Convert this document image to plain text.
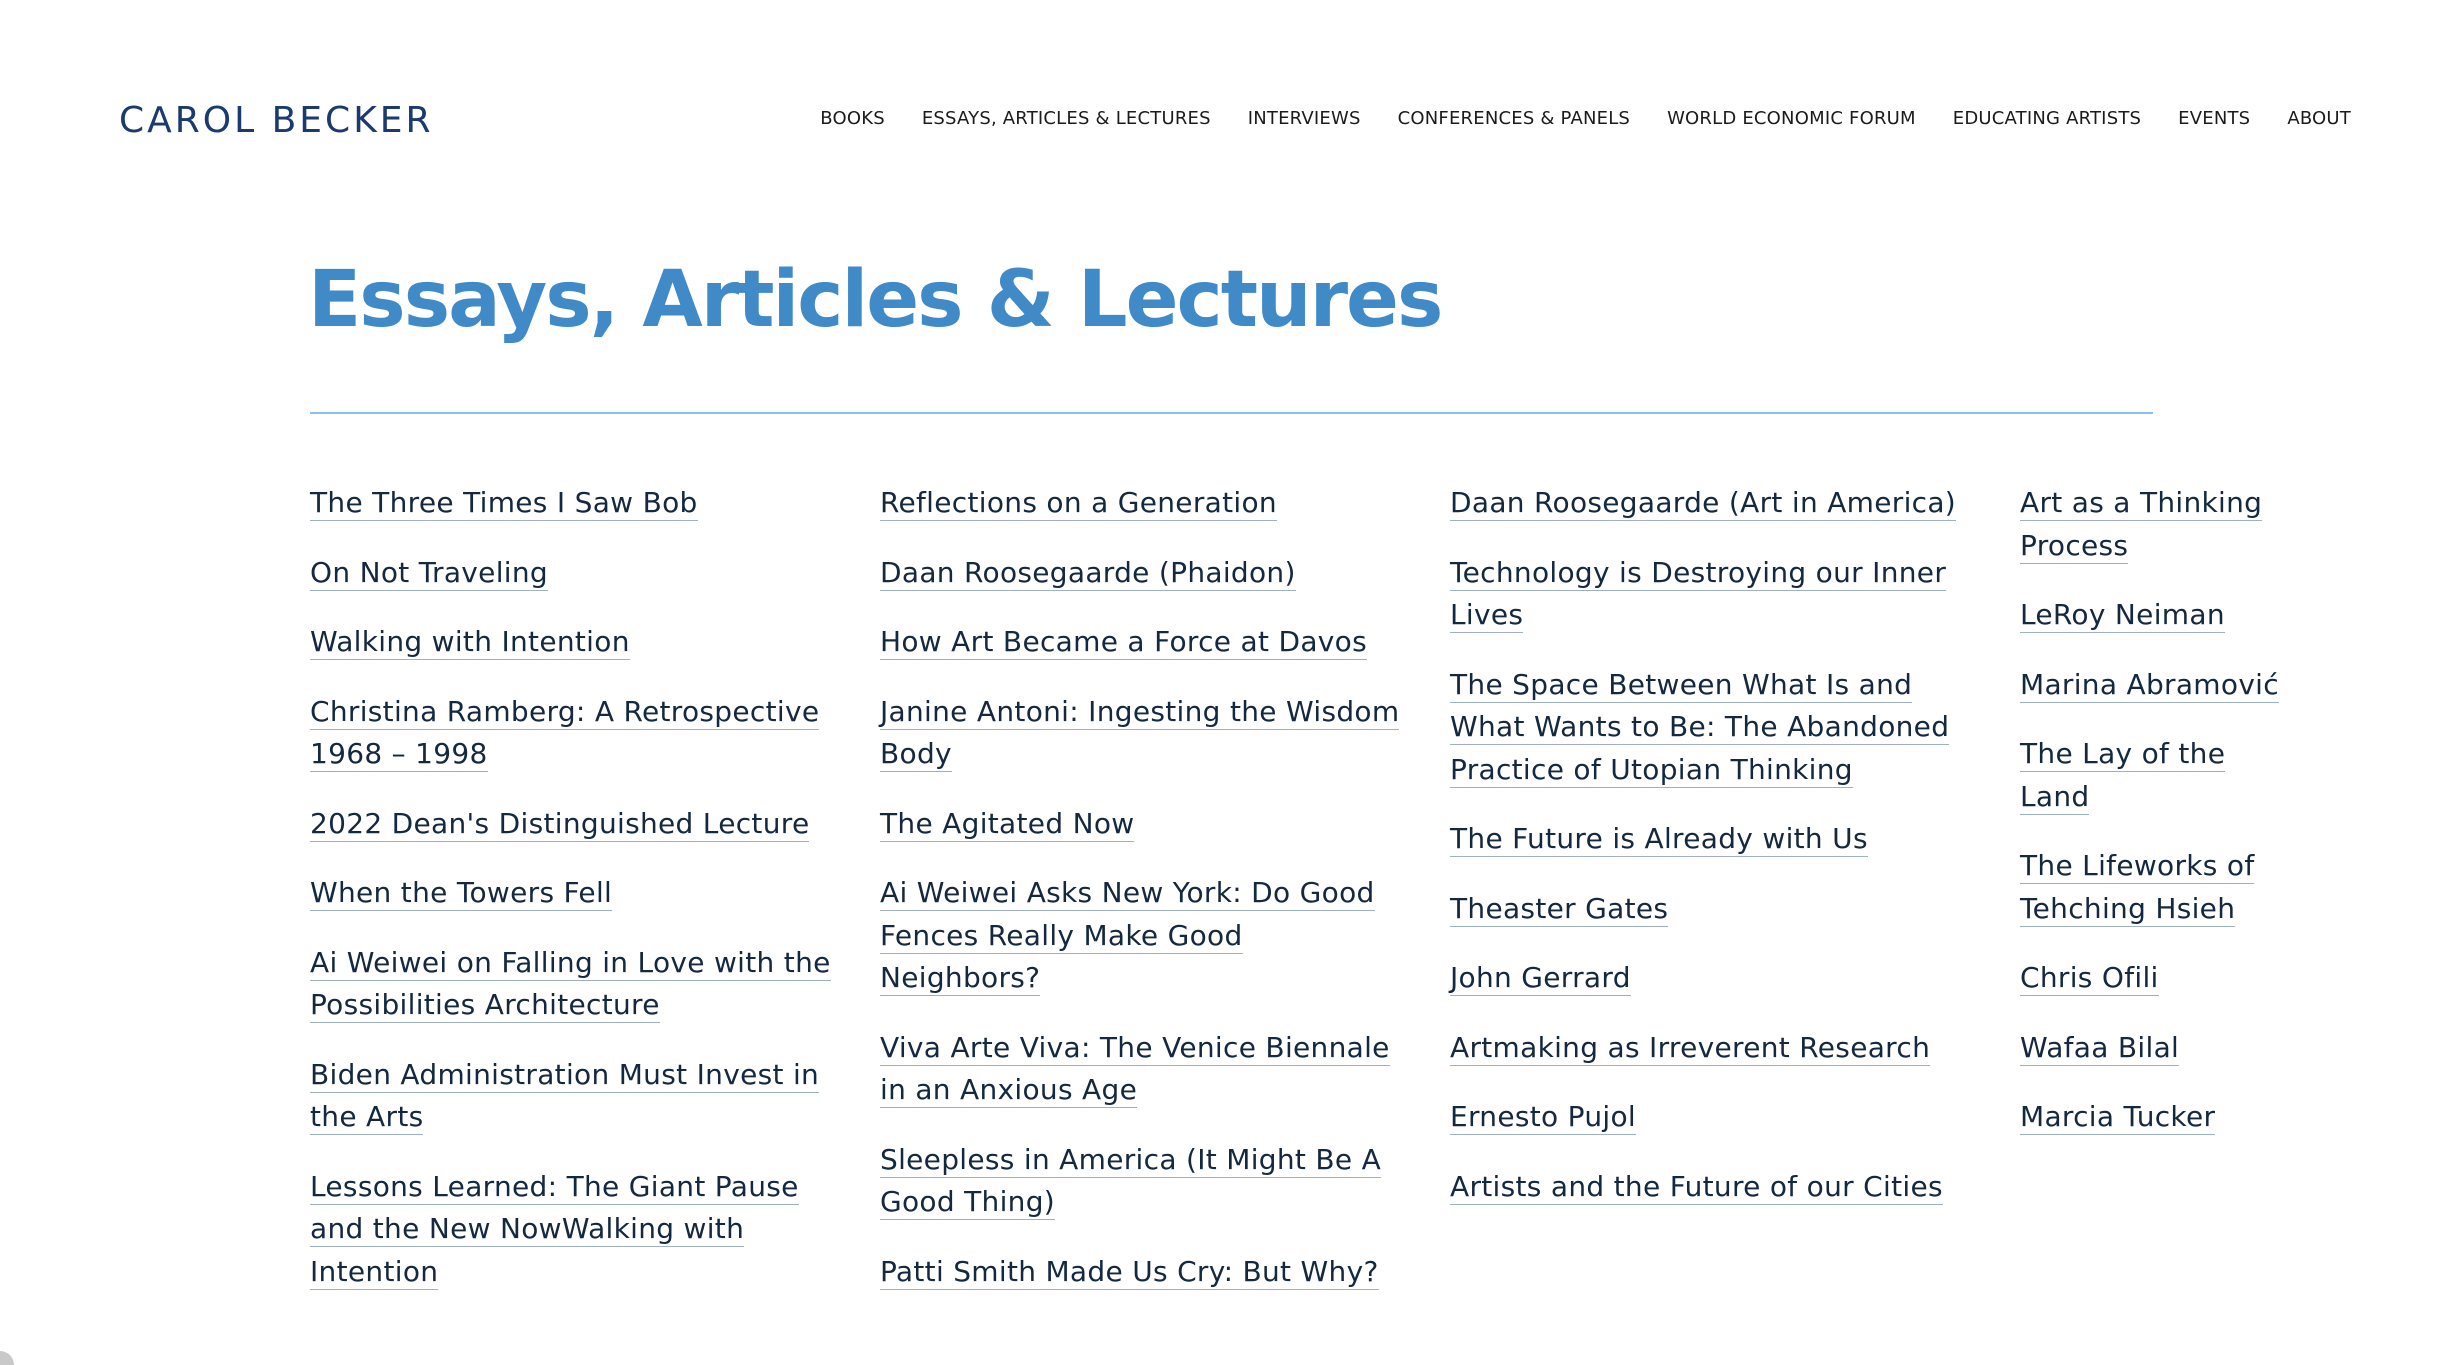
CAROL BECKER	BOOKS ESSAYS, ARTICLES & LECTURES INTERVIEWS CONFERENCES & PANELS WORLD ECONOMIC FORUM EDUCATING ARTISTS EVENTS ABOUT
Essays, Articles & Lectures
The Three Times I Saw Bob
On Not Traveling
Walking with Intention
Christina Ramberg: A Retrospective 1968 – 1998
2022 Dean's Distinguished Lecture
When the Towers Fell
Ai Weiwei on Falling in Love with the Possibilities Architecture
Biden Administration Must Invest in the Arts
Lessons Learned: The Giant Pause and the New NowWalking with Intention
Reflections on a Generation
Daan Roosegaarde (Phaidon)
How Art Became a Force at Davos
Janine Antoni: Ingesting the Wisdom Body
The Agitated Now
Ai Weiwei Asks New York: Do Good Fences Really Make Good Neighbors?
Viva Arte Viva: The Venice Biennale in an Anxious Age
Sleepless in America (It Might Be A Good Thing)
Patti Smith Made Us Cry: But Why?
Daan Roosegaarde (Art in America)
Technology is Destroying our Inner Lives
The Space Between What Is and What Wants to Be: The Abandoned Practice of Utopian Thinking
The Future is Already with Us
Theaster Gates
John Gerrard
Artmaking as Irreverent Research
Ernesto Pujol
Artists and the Future of our Cities
Art as a Thinking Process
LeRoy Neiman
Marina Abramović
The Lay of the Land
The Lifeworks of Tehching Hsieh
Chris Ofili
Wafaa Bilal
Marcia Tucker
